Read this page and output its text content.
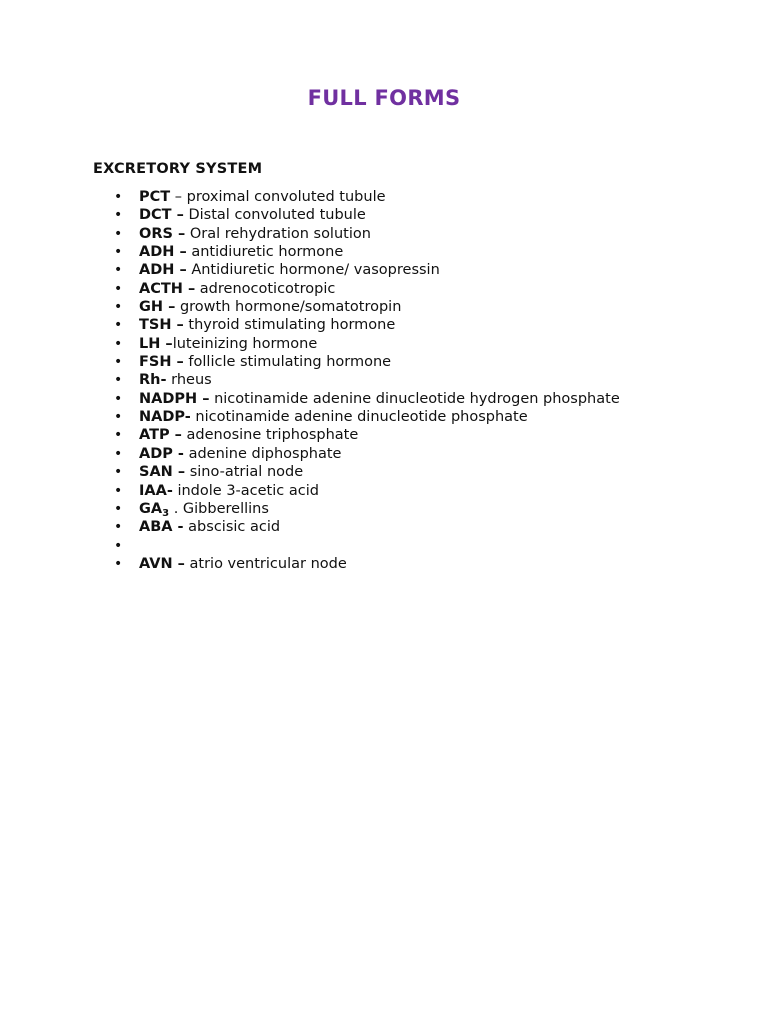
FULL FORMS
EXCRETORY SYSTEM
• PCT – proximal convoluted tubule
• DCT – Distal convoluted tubule
• ORS – Oral rehydration solution
• ADH – antidiuretic hormone
• ADH – Antidiuretic hormone/ vasopressin
• ACTH – adrenocoticotropic
• GH – growth hormone/somatotropin
• TSH – thyroid stimulating hormone
• LH –luteinizing hormone
• FSH – follicle stimulating hormone
• Rh- rheus
• NADPH – nicotinamide adenine dinucleotide hydrogen phosphate
• NADP- nicotinamide adenine dinucleotide phosphate
• ATP – adenosine triphosphate
• ADP - adenine diphosphate
• SAN – sino-atrial node
• IAA- indole 3-acetic acid
• $GA_3$ . Gibberellins
• ABA - abscisic acid
•
• AVN – atrio ventricular node
